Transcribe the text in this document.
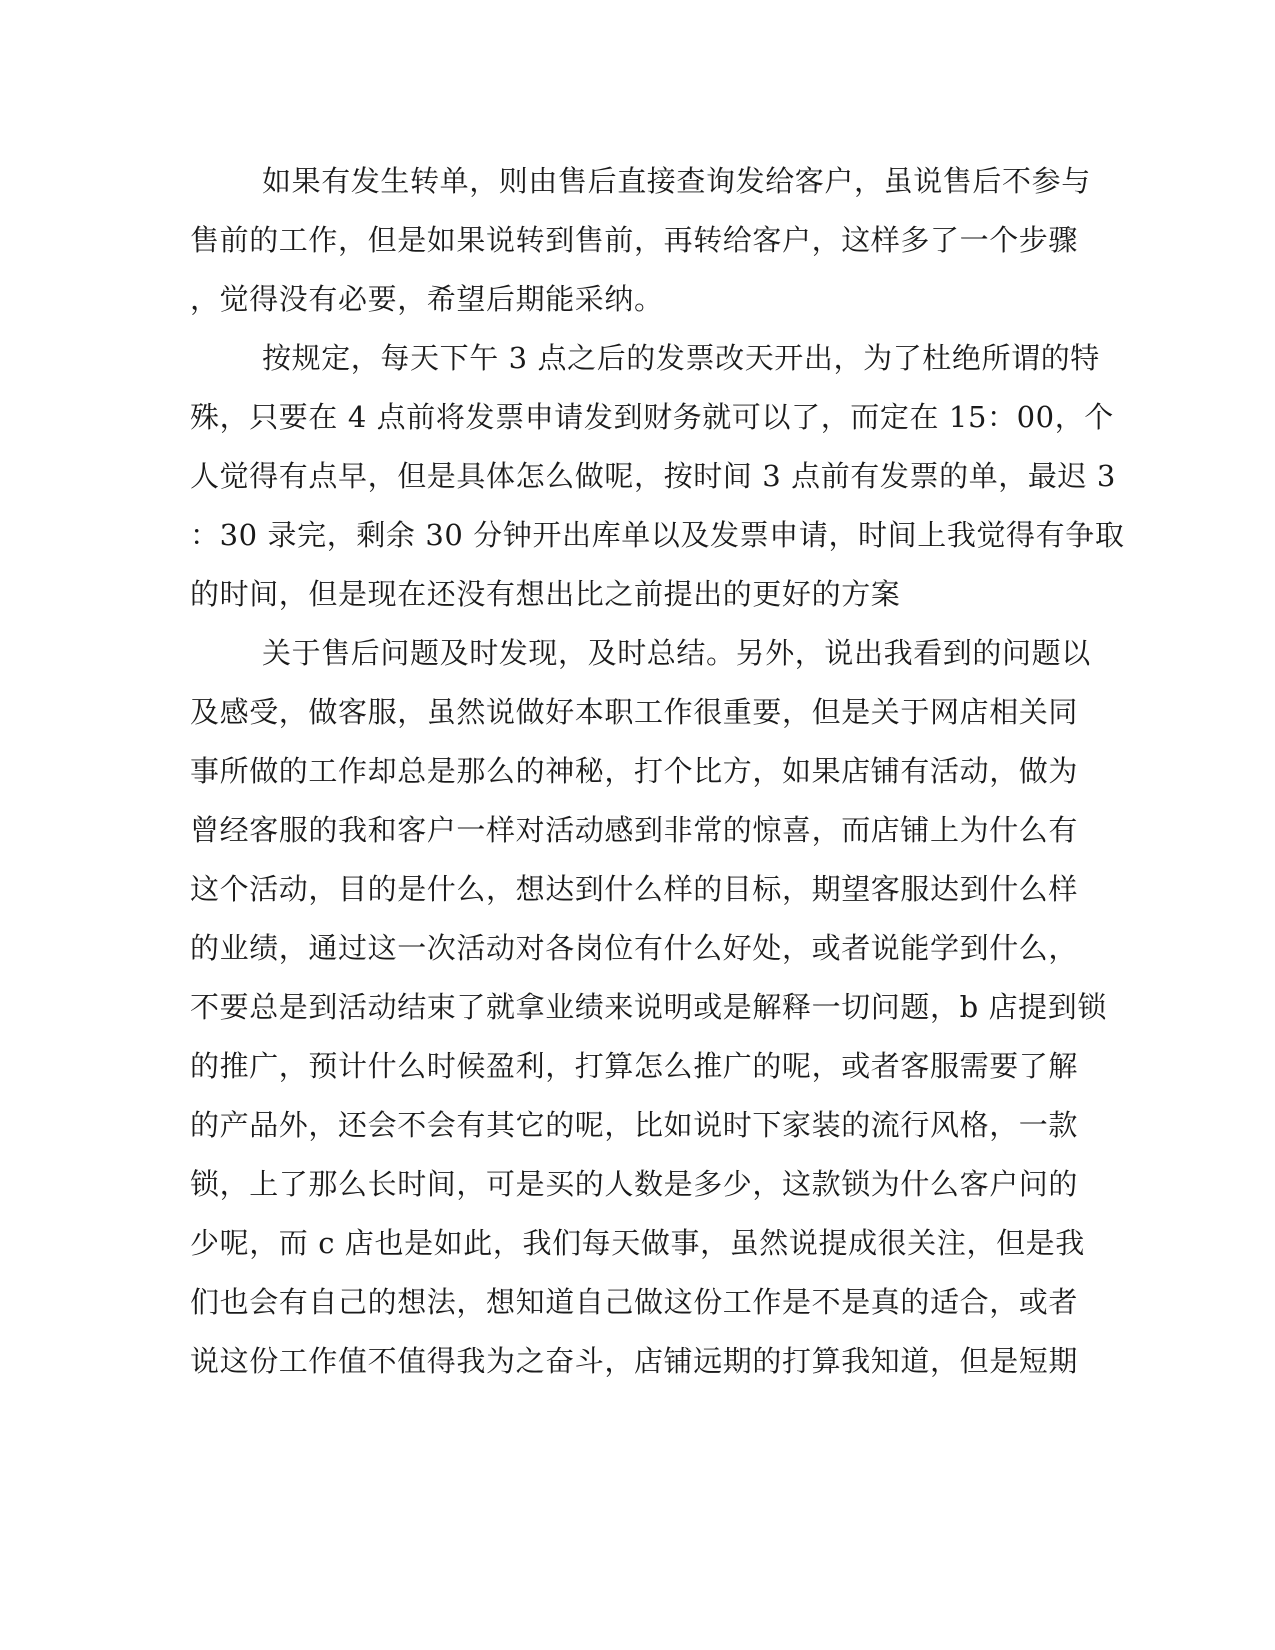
如果有发生转单，则由售后直接查询发给客户，虽说售后不参与

售前的工作，但是如果说转到售前，再转给客户，这样多了一个步骤

，觉得没有必要，希望后期能采纳。

按规定，每天下午 3 点之后的发票改天开出，为了杜绝所谓的特

殊，只要在 4 点前将发票申请发到财务就可以了，而定在 15：00，个

人觉得有点早，但是具体怎么做呢，按时间 3 点前有发票的单，最迟 3

：30 录完，剩余 30 分钟开出库单以及发票申请，时间上我觉得有争取

的时间，但是现在还没有想出比之前提出的更好的方案

关于售后问题及时发现，及时总结。另外，说出我看到的问题以

及感受，做客服，虽然说做好本职工作很重要，但是关于网店相关同

事所做的工作却总是那么的神秘，打个比方，如果店铺有活动，做为

曾经客服的我和客户一样对活动感到非常的惊喜，而店铺上为什么有

这个活动，目的是什么，想达到什么样的目标，期望客服达到什么样

的业绩，通过这一次活动对各岗位有什么好处，或者说能学到什么，

不要总是到活动结束了就拿业绩来说明或是解释一切问题，b 店提到锁

的推广，预计什么时候盈利，打算怎么推广的呢，或者客服需要了解

的产品外，还会不会有其它的呢，比如说时下家装的流行风格，一款

锁，上了那么长时间，可是买的人数是多少，这款锁为什么客户问的

少呢，而 c 店也是如此，我们每天做事，虽然说提成很关注，但是我

们也会有自己的想法，想知道自己做这份工作是不是真的适合，或者

说这份工作值不值得我为之奋斗，店铺远期的打算我知道，但是短期
